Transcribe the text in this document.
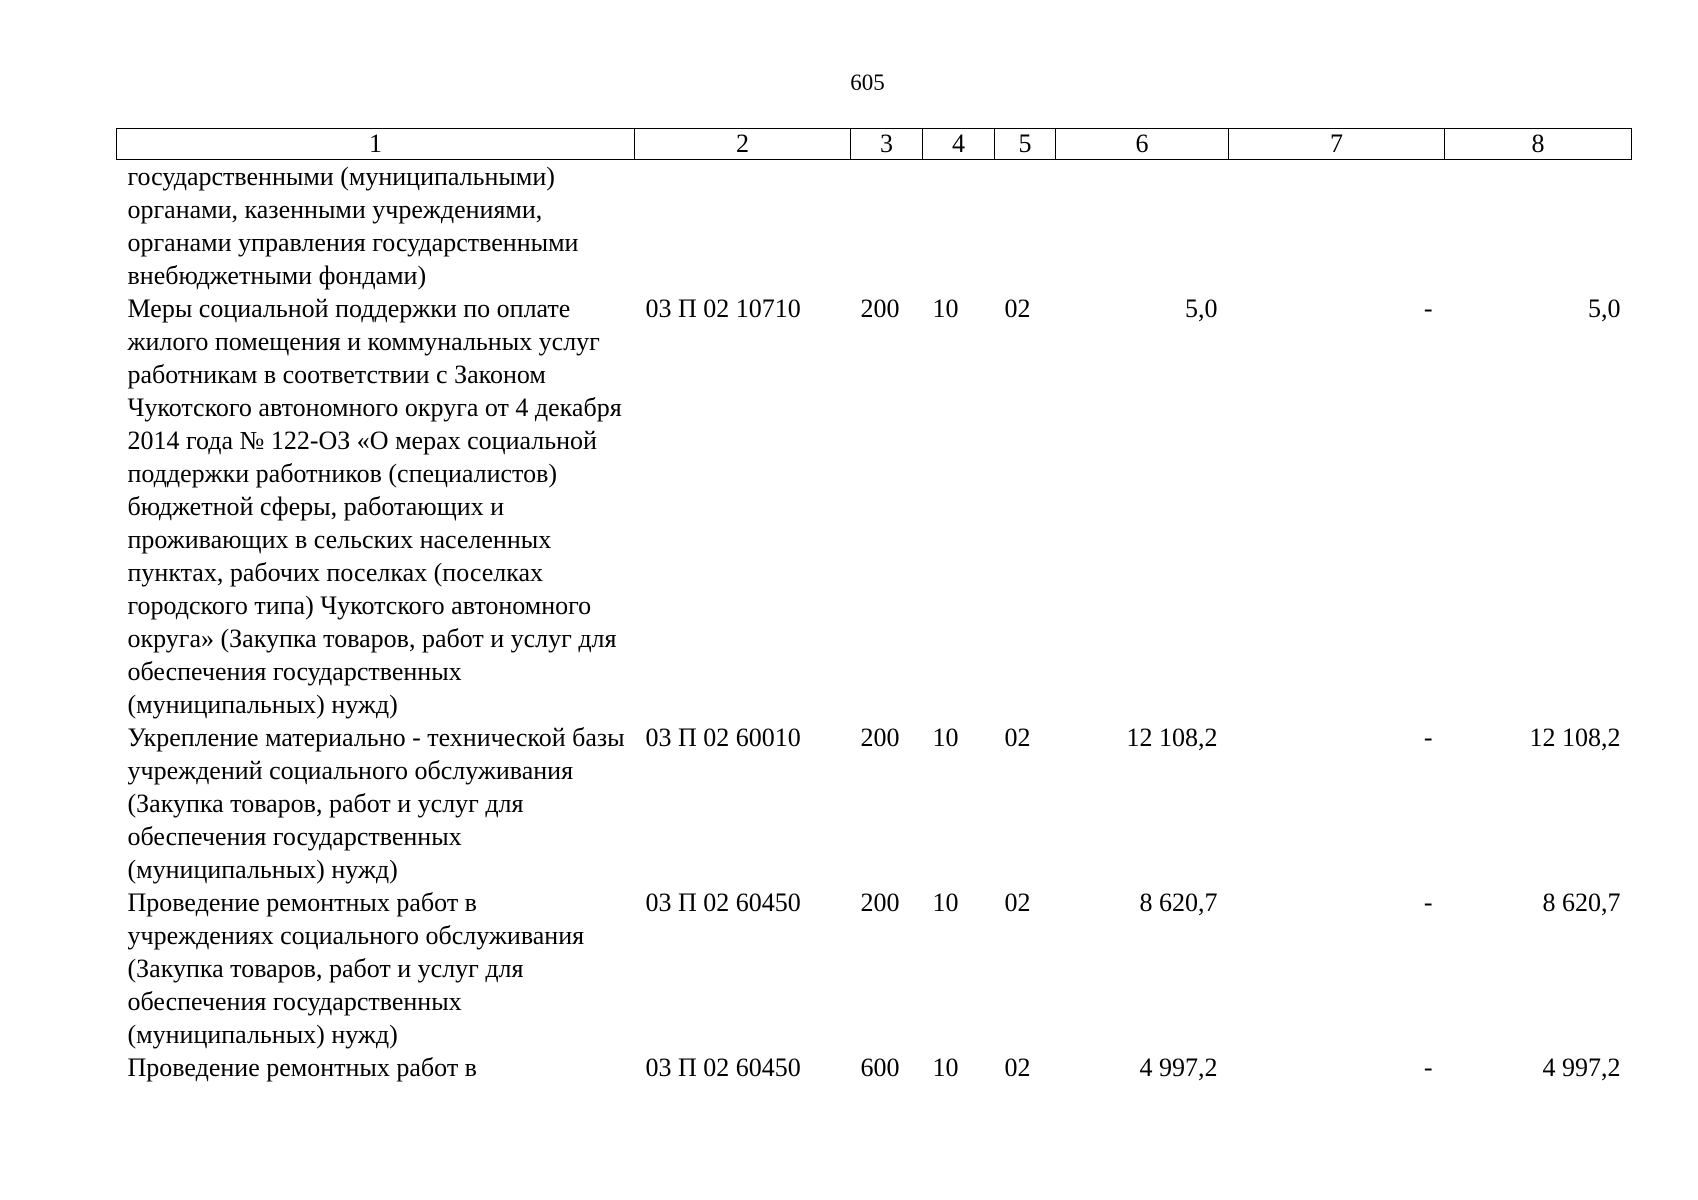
605
1	2	3	4	5	6	7	8
государственными (муниципальными) органами, казенными учреждениями, органами управления государственными внебюджетными фондами)							
Меры социальной поддержки по оплате жилого помещения и коммунальных услуг работникам в соответствии с Законом Чукотского автономного округа от 4 декабря 2014 года № 122-ОЗ «О мерах социальной поддержки работников (специалистов) бюджетной сферы, работающих и проживающих в сельских населенных пунктах, рабочих поселках (поселках городского типа) Чукотского автономного округа» (Закупка товаров, работ и услуг для обеспечения государственных (муниципальных) нужд)	03 П 02 10710	200	10	02	5,0	-	5,0
Укрепление материально - технической базы учреждений социального обслуживания (Закупка товаров, работ и услуг для обеспечения государственных (муниципальных) нужд)	03 П 02 60010	200	10	02	12 108,2	-	12 108,2
Проведение ремонтных работ в учреждениях социального обслуживания (Закупка товаров, работ и услуг для обеспечения государственных (муниципальных) нужд)	03 П 02 60450	200	10	02	8 620,7	-	8 620,7
Проведение ремонтных работ в	03 П 02 60450	600	10	02	4 997,2	-	4 997,2
